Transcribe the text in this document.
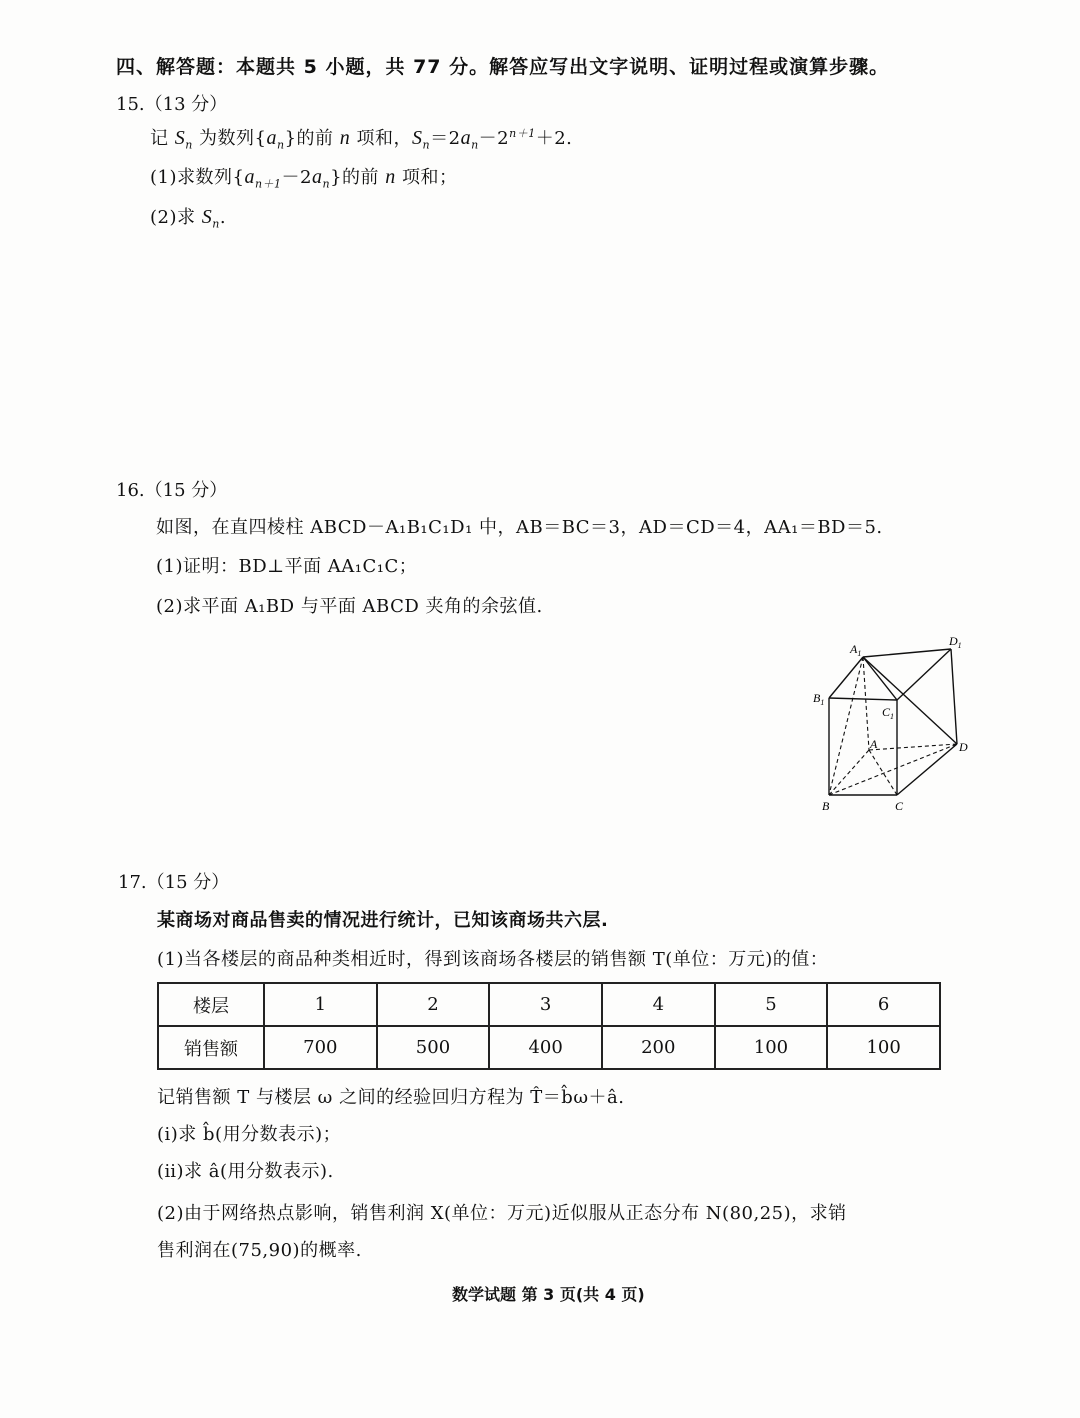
四、解答题：本题共 5 小题，共 77 分。解答应写出文字说明、证明过程或演算步骤。
15.（13 分）
记 $S_n$ 为数列$\{a_n\}$的前 n 项和，$S_n=2a_n-2^{n+1}+2$.
(1)求数列$\{a_{n+1}-2a_n\}$的前 n 项和；
(2)求 $S_n$.
16.（15 分）
如图，在直四棱柱 ABCD－A₁B₁C₁D₁ 中，AB＝BC＝3，AD＝CD＝4，AA₁＝BD＝5.
(1)证明：BD⊥平面 AA₁C₁C；
(2)求平面 A₁BD 与平面 ABCD 夹角的余弦值.
$A_1$
$D_1$
$B_1$
$C_1$
A	D
B	C
17.（15 分）
某商场对商品售卖的情况进行统计，已知该商场共六层.
(1)当各楼层的商品种类相近时，得到该商场各楼层的销售额 T(单位：万元)的值：
楼层	1	2	3	4	5	6
销售额	700	500	400	200	100	100
记销售额 T 与楼层 ω 之间的经验回归方程为 T̂＝b̂ω＋â.
(ⅰ)求 b̂(用分数表示)；
(ⅱ)求 â(用分数表示).
(2)由于网络热点影响，销售利润 X(单位：万元)近似服从正态分布 N(80,25)，求销
售利润在(75,90)的概率.
数学试题 第 3 页(共 4 页)
